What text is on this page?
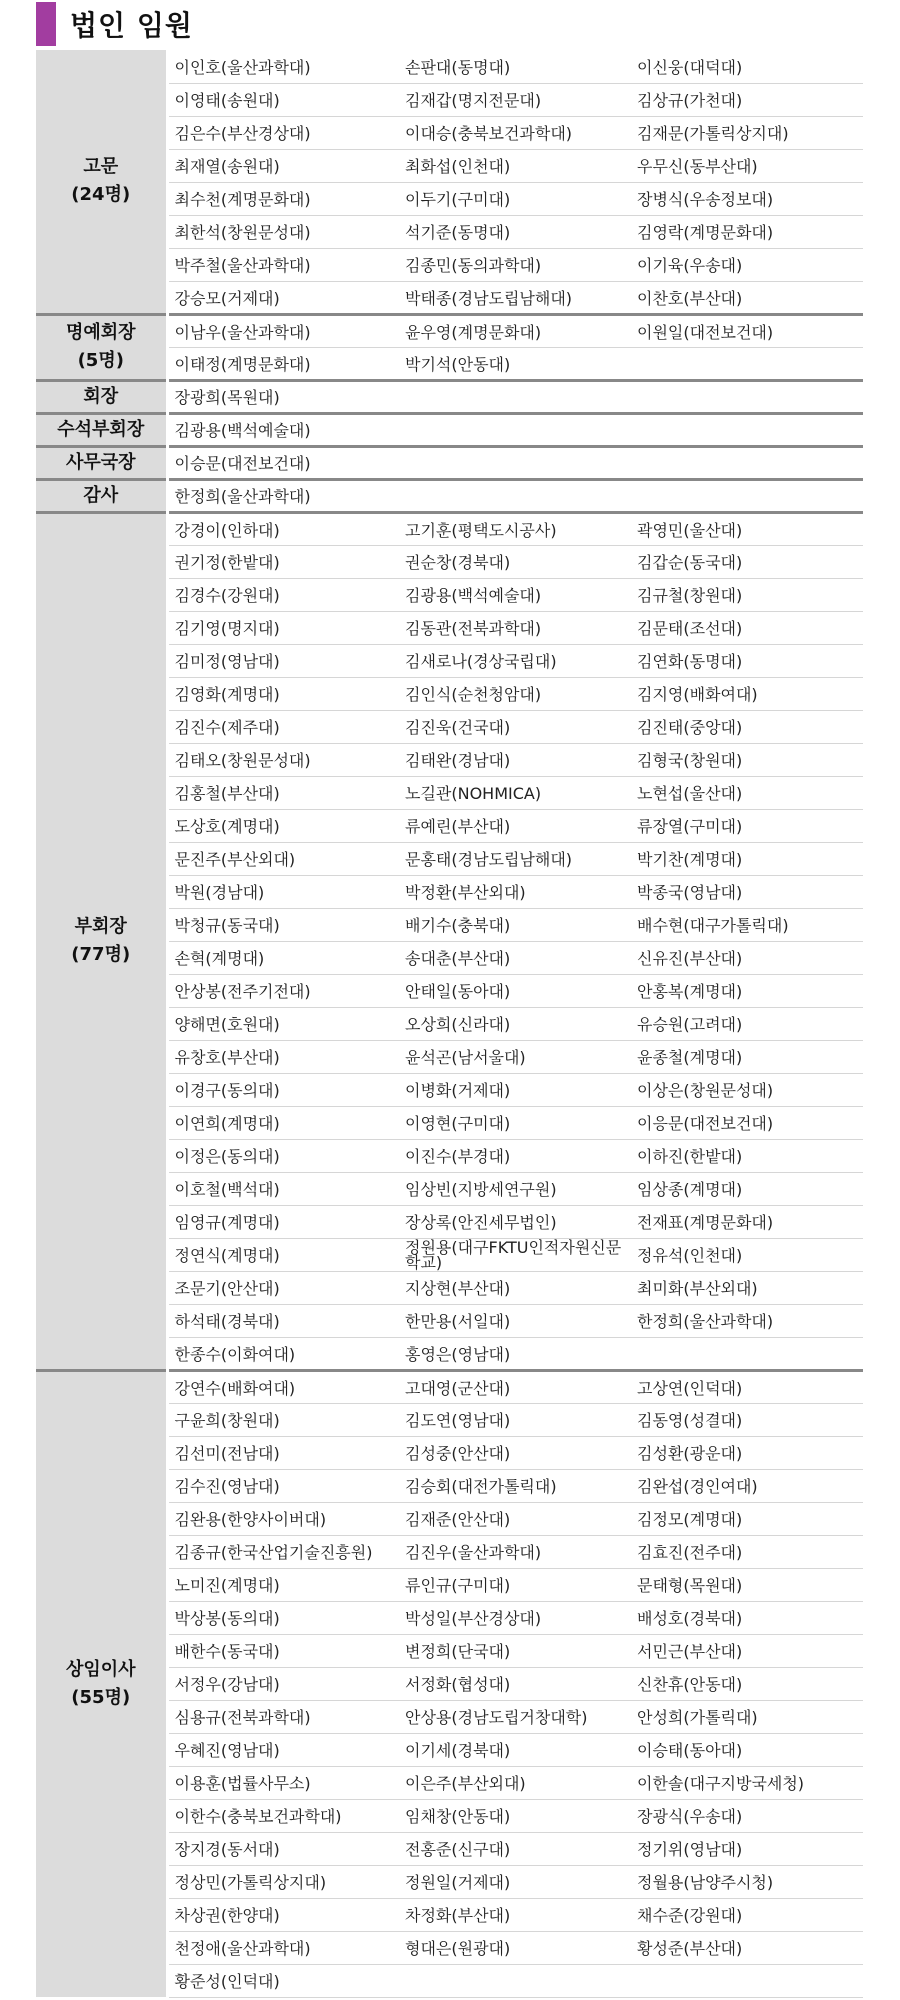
법인 임원
고문
(24명)	이인호(울산과학대)	손판대(동명대)	이신웅(대덕대)
	이영태(송원대)	김재갑(명지전문대)	김상규(가천대)
	김은수(부산경상대)	이대승(충북보건과학대)	김재문(가톨릭상지대)
	최재열(송원대)	최화섭(인천대)	우무신(동부산대)
	최수천(계명문화대)	이두기(구미대)	장병식(우송정보대)
	최한석(창원문성대)	석기준(동명대)	김영락(계명문화대)
	박주철(울산과학대)	김종민(동의과학대)	이기육(우송대)
	강승모(거제대)	박태종(경남도립남해대)	이찬호(부산대)

명예회장
(5명)	이남우(울산과학대)	윤우영(계명문화대)	이원일(대전보건대)
	이태정(계명문화대)	박기석(안동대)	

회장	장광희(목원대)		

수석부회장	김광용(백석예술대)		

사무국장	이승문(대전보건대)		

감사	한정희(울산과학대)		

부회장
(77명)	강경이(인하대)	고기훈(평택도시공사)	곽영민(울산대)
	권기정(한밭대)	권순창(경북대)	김갑순(동국대)
	김경수(강원대)	김광용(백석예술대)	김규철(창원대)
	김기영(명지대)	김동관(전북과학대)	김문태(조선대)
	김미정(영남대)	김새로나(경상국립대)	김연화(동명대)
	김영화(계명대)	김인식(순천청암대)	김지영(배화여대)
	김진수(제주대)	김진욱(건국대)	김진태(중앙대)
	김태오(창원문성대)	김태완(경남대)	김형국(창원대)
	김홍철(부산대)	노길관(NOHMICA)	노현섭(울산대)
	도상호(계명대)	류예린(부산대)	류장열(구미대)
	문진주(부산외대)	문홍태(경남도립남해대)	박기찬(계명대)
	박원(경남대)	박정환(부산외대)	박종국(영남대)
	박청규(동국대)	배기수(충북대)	배수현(대구가톨릭대)
	손혁(계명대)	송대춘(부산대)	신유진(부산대)
	안상봉(전주기전대)	안태일(동아대)	안홍복(계명대)
	양해면(호원대)	오상희(신라대)	유승원(고려대)
	유창호(부산대)	윤석곤(남서울대)	윤종철(계명대)
	이경구(동의대)	이병화(거제대)	이상은(창원문성대)
	이연희(계명대)	이영현(구미대)	이응문(대전보건대)
	이정은(동의대)	이진수(부경대)	이하진(한밭대)
	이호철(백석대)	임상빈(지방세연구원)	임상종(계명대)
	임영규(계명대)	장상록(안진세무법인)	전재표(계명문화대)
	정연식(계명대)	정원용(대구FKTU인적자원신문학교)	정유석(인천대)
	조문기(안산대)	지상현(부산대)	최미화(부산외대)
	하석태(경북대)	한만용(서일대)	한정희(울산과학대)
	한종수(이화여대)	홍영은(영남대)	

상임이사
(55명)	강연수(배화여대)	고대영(군산대)	고상연(인덕대)
	구윤희(창원대)	김도연(영남대)	김동영(성결대)
	김선미(전남대)	김성중(안산대)	김성환(광운대)
	김수진(영남대)	김승회(대전가톨릭대)	김완섭(경인여대)
	김완용(한양사이버대)	김재준(안산대)	김정모(계명대)
	김종규(한국산업기술진흥원)	김진우(울산과학대)	김효진(전주대)
	노미진(계명대)	류인규(구미대)	문태형(목원대)
	박상봉(동의대)	박성일(부산경상대)	배성호(경북대)
	배한수(동국대)	변정희(단국대)	서민근(부산대)
	서정우(강남대)	서정화(협성대)	신찬휴(안동대)
	심용규(전북과학대)	안상용(경남도립거창대학)	안성희(가톨릭대)
	우혜진(영남대)	이기세(경북대)	이승태(동아대)
	이용훈(법률사무소)	이은주(부산외대)	이한솔(대구지방국세청)
	이한수(충북보건과학대)	임채창(안동대)	장광식(우송대)
	장지경(동서대)	전홍준(신구대)	정기위(영남대)
	정상민(가톨릭상지대)	정원일(거제대)	정월용(남양주시청)
	차상권(한양대)	차정화(부산대)	채수준(강원대)
	천정애(울산과학대)	형대은(원광대)	황성준(부산대)
	황준성(인덕대)		
